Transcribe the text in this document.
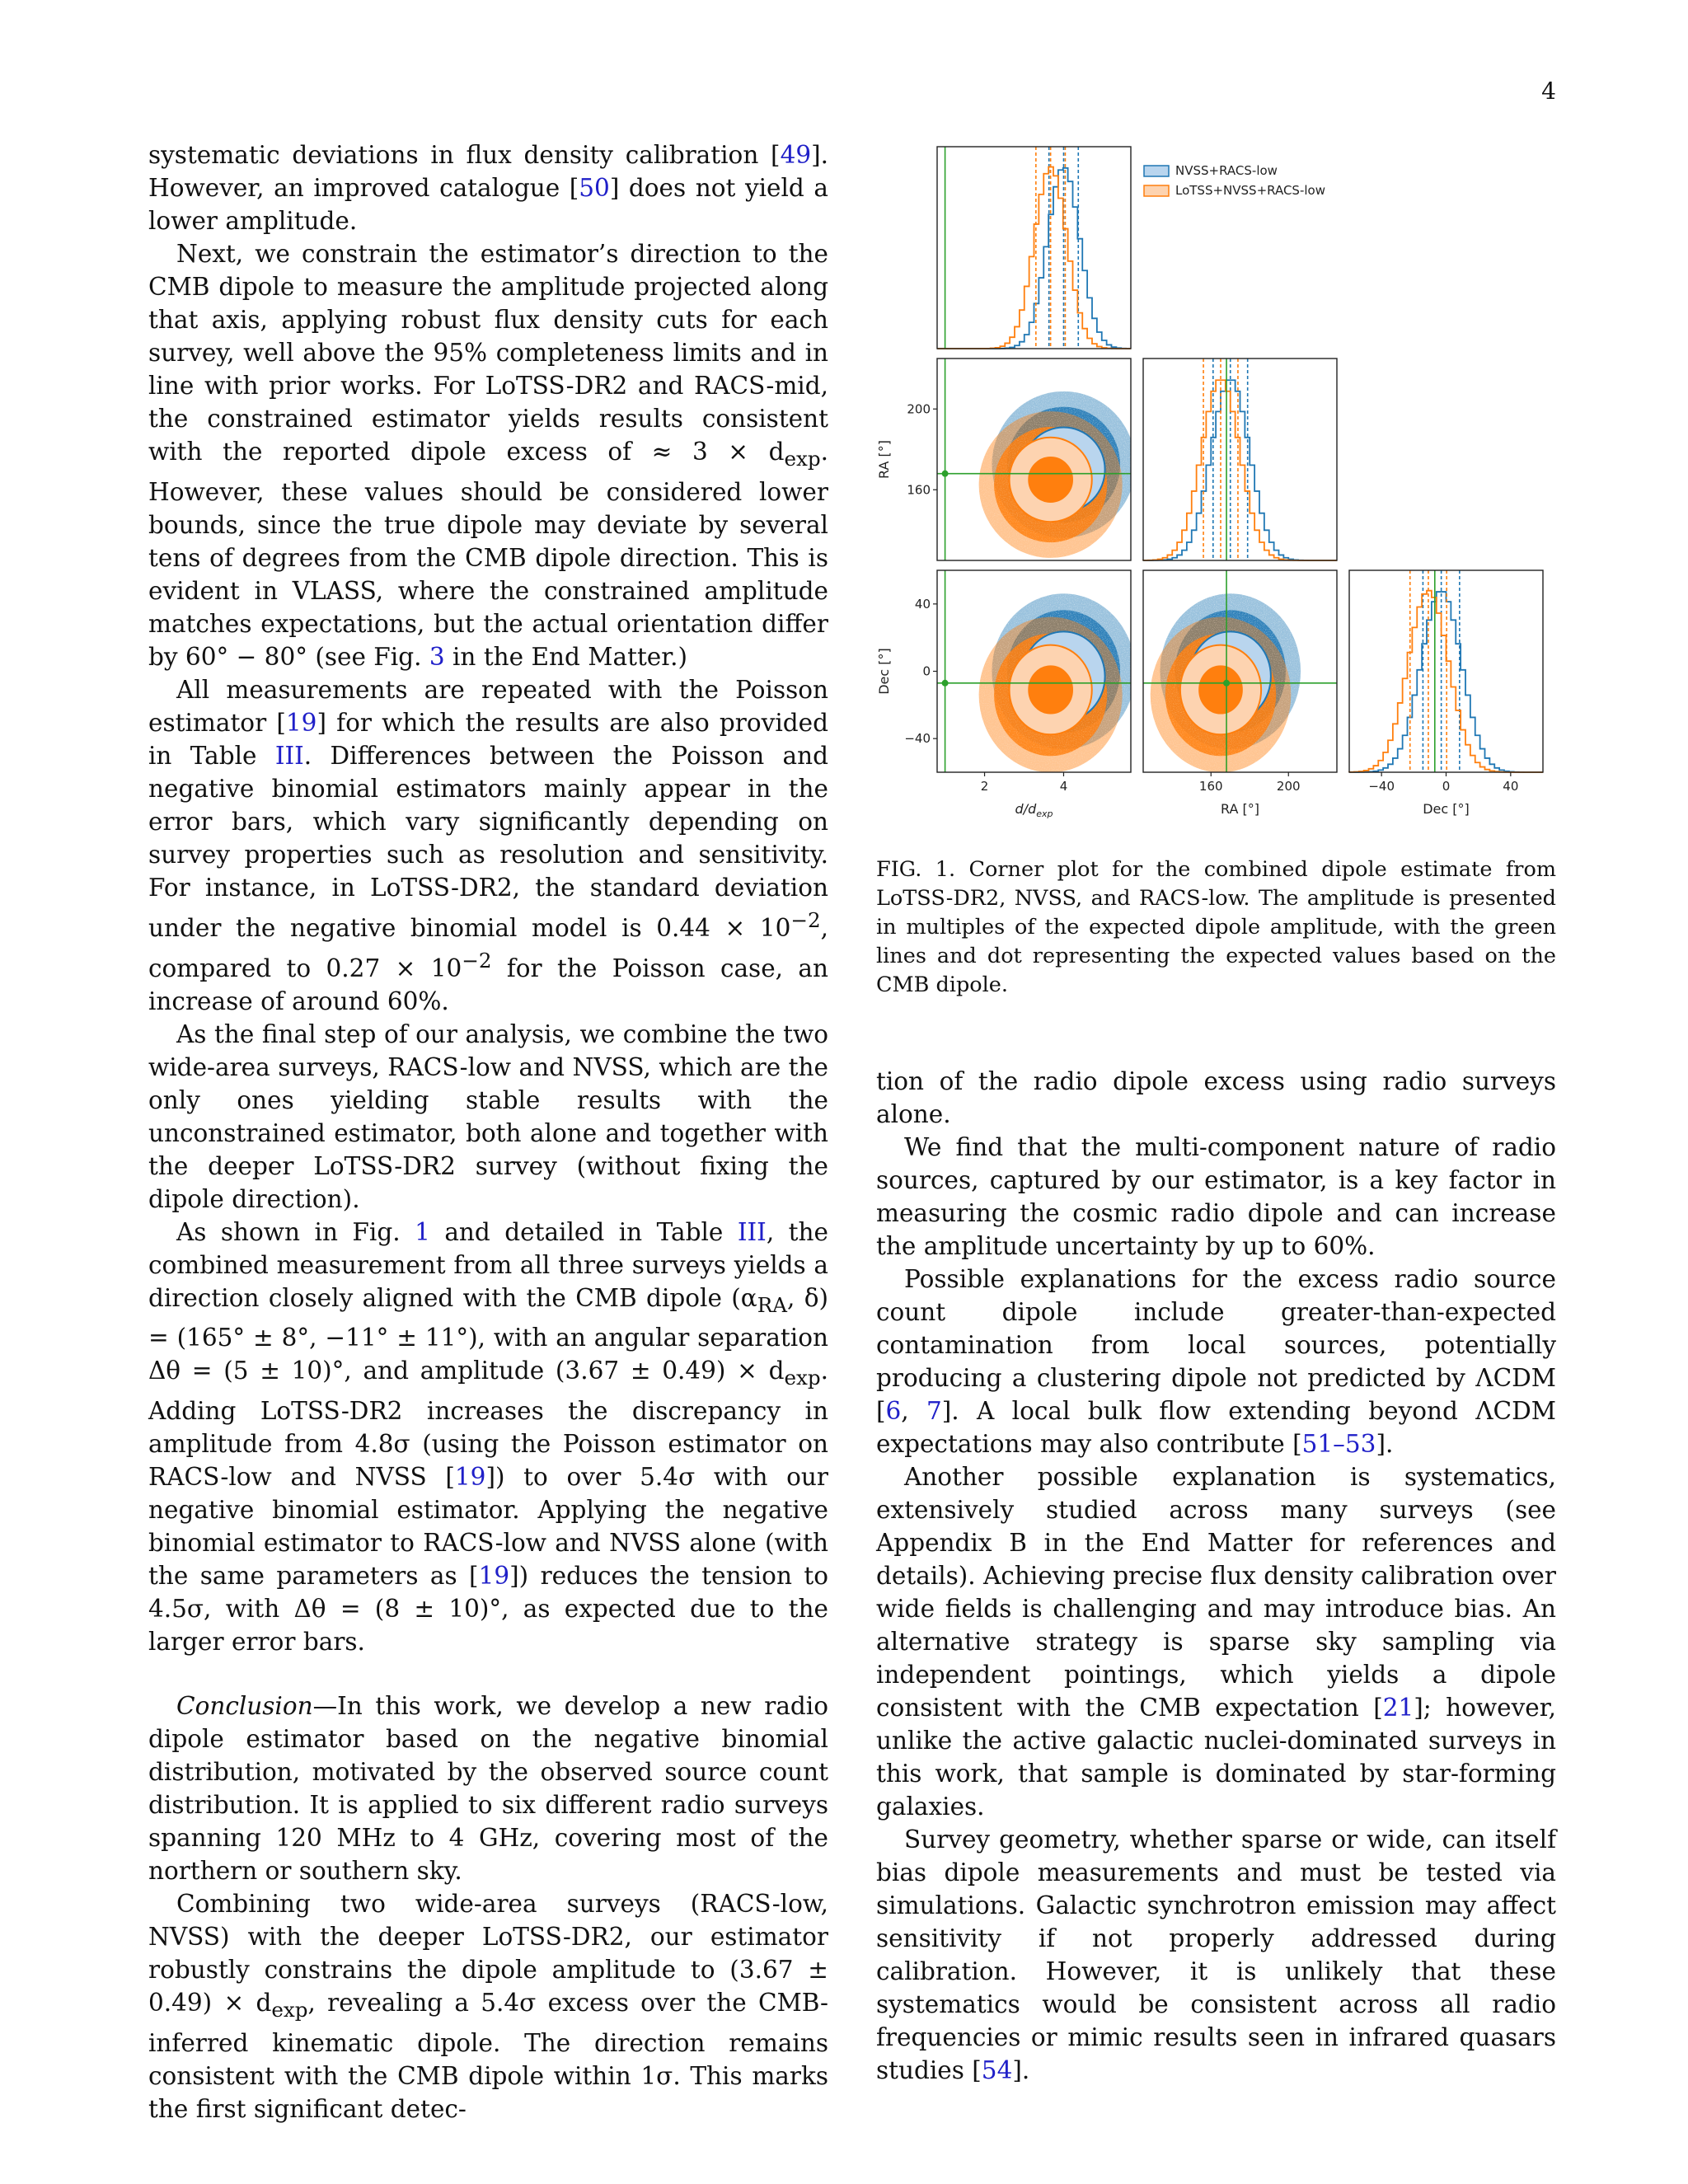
4

systematic deviations in flux density calibration [49]. However, an improved catalogue [50] does not yield a lower amplitude.

Next, we constrain the estimator’s direction to the CMB dipole to measure the amplitude projected along that axis, applying robust flux density cuts for each survey, well above the 95% completeness limits and in line with prior works. For LoTSS-DR2 and RACS-mid, the constrained estimator yields results consistent with the reported dipole excess of ≈ $3 \times d_{exp}$. However, these values should be considered lower bounds, since the true dipole may deviate by several tens of degrees from the CMB dipole direction. This is evident in VLASS, where the constrained amplitude matches expectations, but the actual orientation differ by 60° − 80° (see Fig. 3 in the End Matter.)

All measurements are repeated with the Poisson estimator [19] for which the results are also provided in Table III. Differences between the Poisson and negative binomial estimators mainly appear in the error bars, which vary significantly depending on survey properties such as resolution and sensitivity. For instance, in LoTSS-DR2, the standard deviation under the negative binomial model is $0.44 \times 10^{-2}$, compared to $0.27 \times 10^{-2}$ for the Poisson case, an increase of around 60%.

As the final step of our analysis, we combine the two wide-area surveys, RACS-low and NVSS, which are the only ones yielding stable results with the unconstrained estimator, both alone and together with the deeper LoTSS-DR2 survey (without fixing the dipole direction).

As shown in Fig. 1 and detailed in Table III, the combined measurement from all three surveys yields a direction closely aligned with the CMB dipole ($\alpha_{RA}$, δ) = (165° ± 8°, −11° ± 11°), with an angular separation Δθ = (5 ± 10)°, and amplitude $(3.67 \pm 0.49) \times d_{exp}$. Adding LoTSS-DR2 increases the discrepancy in amplitude from 4.8σ (using the Poisson estimator on RACS-low and NVSS [19]) to over 5.4σ with our negative binomial estimator. Applying the negative binomial estimator to RACS-low and NVSS alone (with the same parameters as [19]) reduces the tension to 4.5σ, with Δθ = (8 ± 10)°, as expected due to the larger error bars.

Conclusion—In this work, we develop a new radio dipole estimator based on the negative binomial distribution, motivated by the observed source count distribution. It is applied to six different radio surveys spanning 120 MHz to 4 GHz, covering most of the northern or southern sky.

Combining two wide-area surveys (RACS-low, NVSS) with the deeper LoTSS-DR2, our estimator robustly constrains the dipole amplitude to $(3.67 \pm 0.49) \times d_{exp}$, revealing a 5.4σ excess over the CMB-inferred kinematic dipole. The direction remains consistent with the CMB dipole within 1σ. This marks the first significant detec-

2	4	160	200	−40	0	40
200
160
40
0
−40
$d/d_{exp}$	RA [°]	Dec [°]
RA [°]
Dec [°]
NVSS+RACS-low
LoTSS+NVSS+RACS-low
FIG. 1. Corner plot for the combined dipole estimate from LoTSS-DR2, NVSS, and RACS-low. The amplitude is presented in multiples of the expected dipole amplitude, with the green lines and dot representing the expected values based on the CMB dipole.

tion of the radio dipole excess using radio surveys alone.

We find that the multi-component nature of radio sources, captured by our estimator, is a key factor in measuring the cosmic radio dipole and can increase the amplitude uncertainty by up to 60%.

Possible explanations for the excess radio source count dipole include greater-than-expected contamination from local sources, potentially producing a clustering dipole not predicted by ΛCDM [6, 7]. A local bulk flow extending beyond ΛCDM expectations may also contribute [51–53].

Another possible explanation is systematics, extensively studied across many surveys (see Appendix B in the End Matter for references and details). Achieving precise flux density calibration over wide fields is challenging and may introduce bias. An alternative strategy is sparse sky sampling via independent pointings, which yields a dipole consistent with the CMB expectation [21]; however, unlike the active galactic nuclei-dominated surveys in this work, that sample is dominated by star-forming galaxies.

Survey geometry, whether sparse or wide, can itself bias dipole measurements and must be tested via simulations. Galactic synchrotron emission may affect sensitivity if not properly addressed during calibration. However, it is unlikely that these systematics would be consistent across all radio frequencies or mimic results seen in infrared quasars studies [54].
